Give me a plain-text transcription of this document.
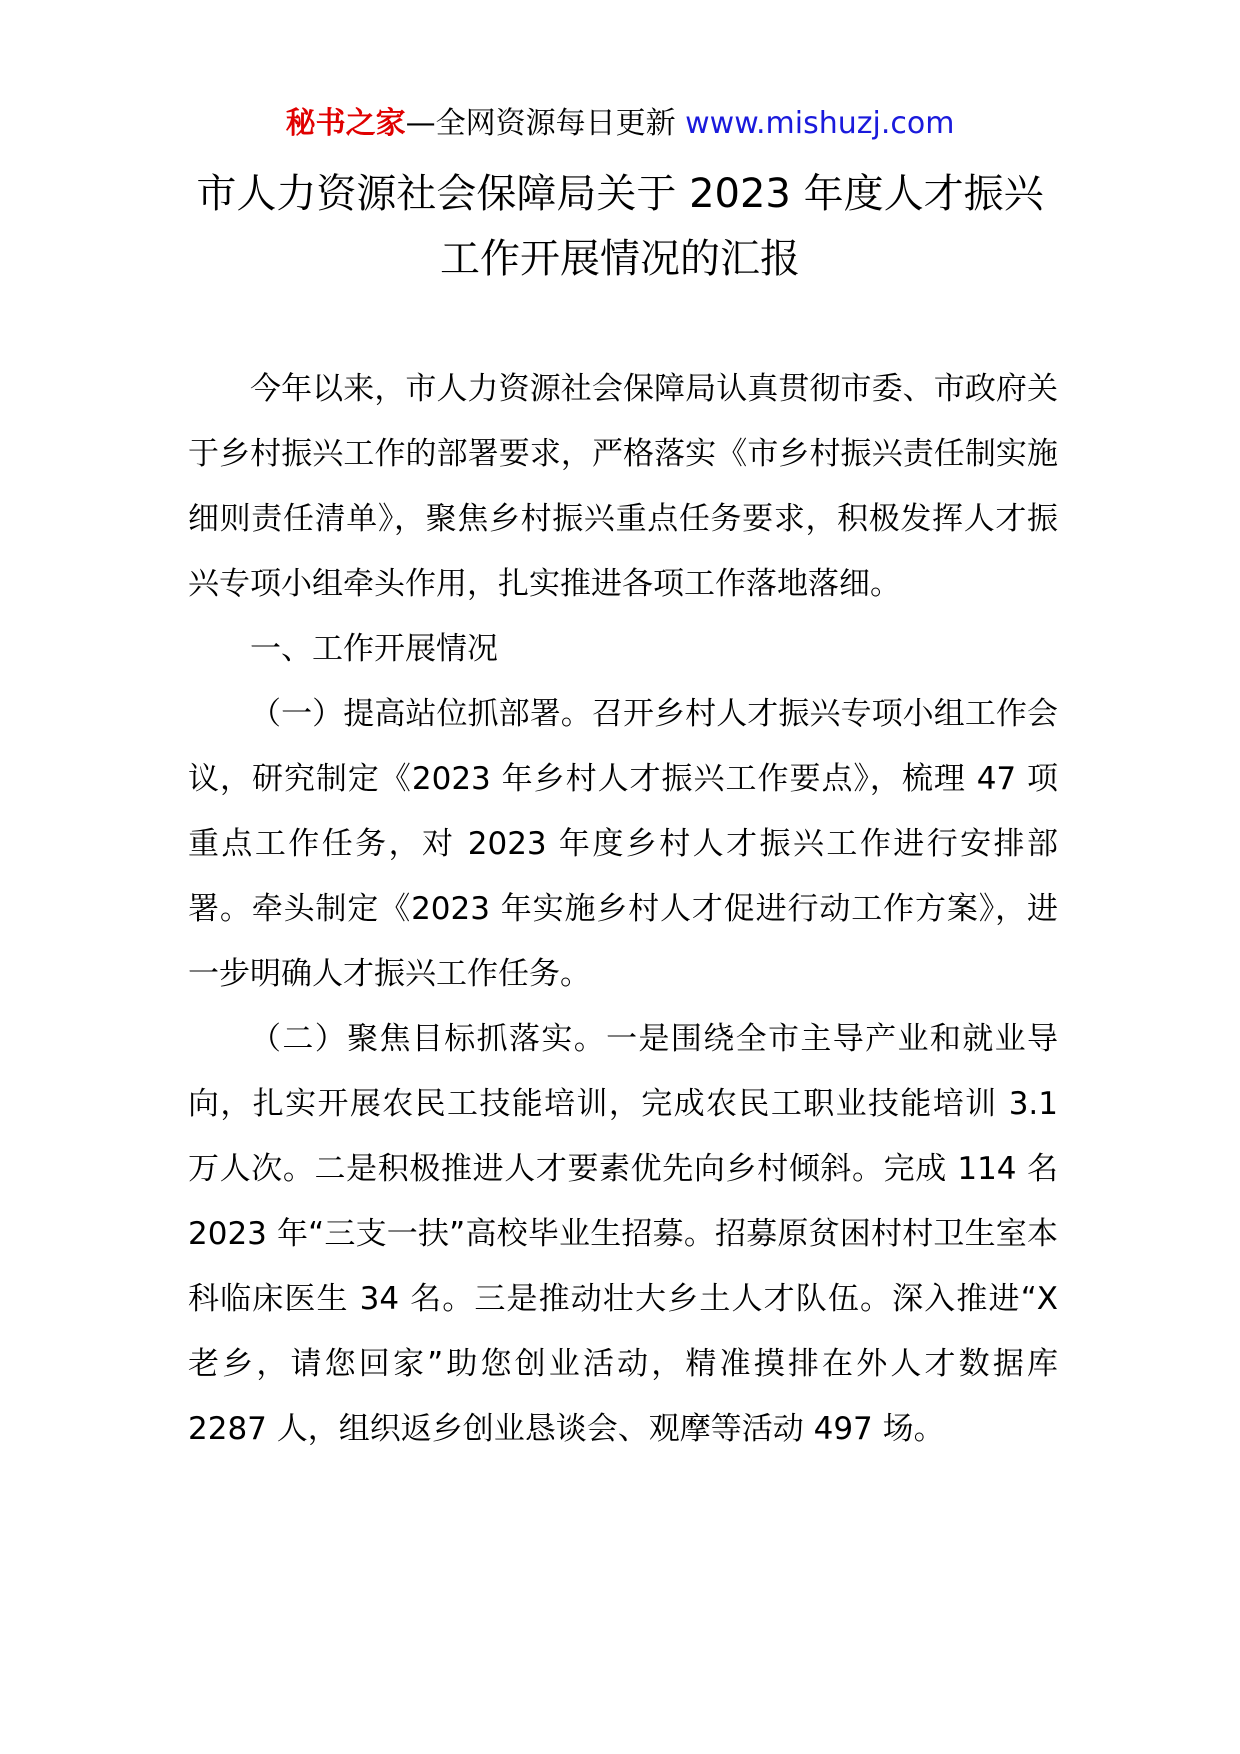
秘书之家—全网资源每日更新 www.mishuzj.com
市人力资源社会保障局关于 2023 年度人才振兴
工作开展情况的汇报

今年以来，市人力资源社会保障局认真贯彻市委、市政府关于乡村振兴工作的部署要求，严格落实《市乡村振兴责任制实施细则责任清单》，聚焦乡村振兴重点任务要求，积极发挥人才振兴专项小组牵头作用，扎实推进各项工作落地落细。

一、工作开展情况

（一）提高站位抓部署。召开乡村人才振兴专项小组工作会议，研究制定《2023 年乡村人才振兴工作要点》，梳理 47 项重点工作任务，对 2023 年度乡村人才振兴工作进行安排部署。牵头制定《2023 年实施乡村人才促进行动工作方案》，进一步明确人才振兴工作任务。

（二）聚焦目标抓落实。一是围绕全市主导产业和就业导向，扎实开展农民工技能培训，完成农民工职业技能培训 3.1 万人次。二是积极推进人才要素优先向乡村倾斜。完成 114 名 2023 年“三支一扶”高校毕业生招募。招募原贫困村村卫生室本科临床医生 34 名。三是推动壮大乡土人才队伍。深入推进“X 老乡，请您回家”助您创业活动，精准摸排在外人才数据库 2287 人，组织返乡创业恳谈会、观摩等活动 497 场。
